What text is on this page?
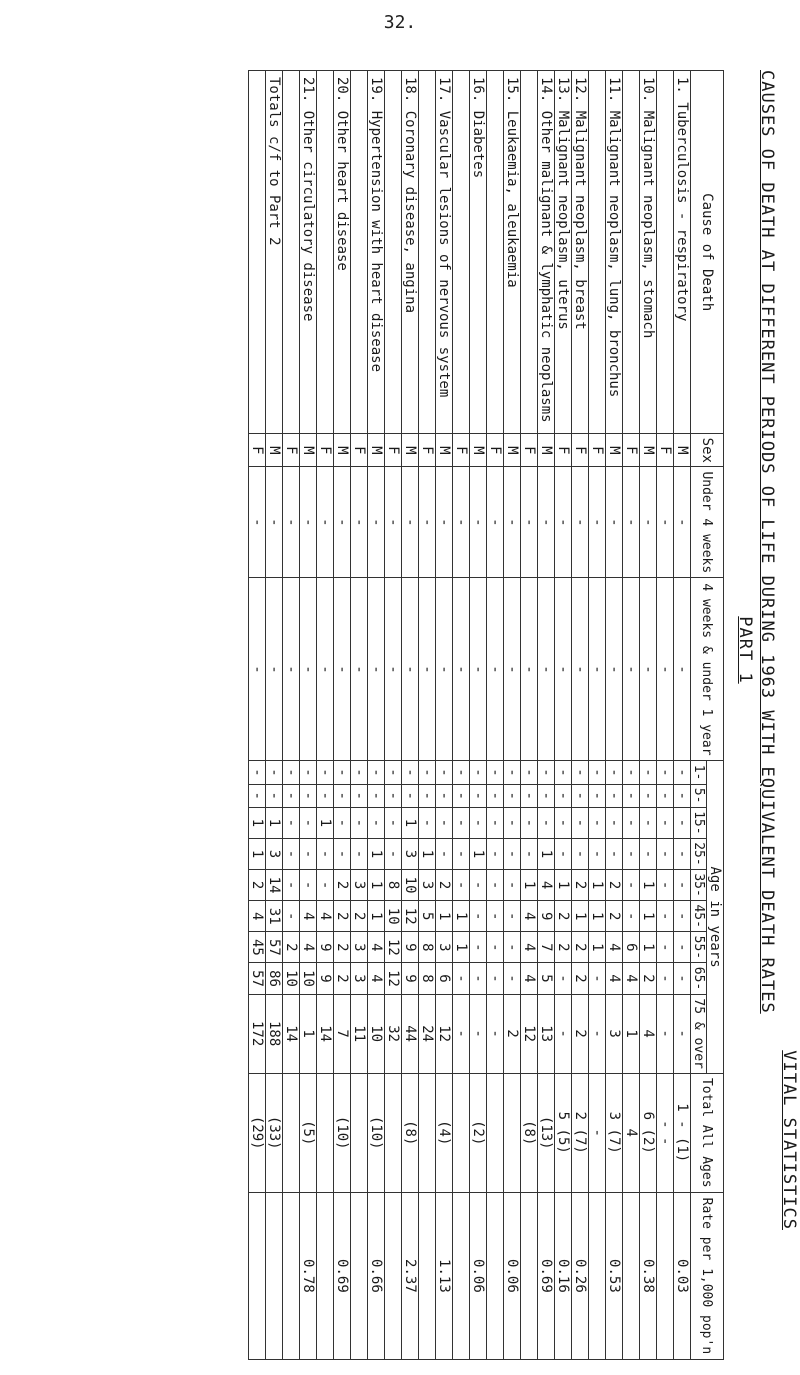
32.
VITAL STATISTICS
CAUSES OF DEATH AT DIFFERENT PERIODS OF LIFE DURING 1963 WITH EQUIVALENT DEATH RATES
PART 1
Cause of Death	Sex	Under 4 weeks	4 weeks & under 1 year	Age in years									Total All Ages	Rate per 1,000 pop'n
				1-	5-	15-	25-	35-	45-	55-	65-	75 & over		
1. Tuberculosis - respiratory	M	-	-	-	-	-	-	-	-	-	-	-	1 - (1)	0.03
	F	-	-	-	-	-	-	-	-	-	-	-	- -	
10. Malignant neoplasm, stomach	M	-	-	-	-	-	-	1	1	1	2	4	6 (2)	0.38
	F	-	-	-	-	-	-	-	-	6	4	1	4	
11. Malignant neoplasm, lung, bronchus	M	-	-	-	-	-	-	2	2	4	4	3	3 (7)	0.53
	F	-	-	-	-	-	-	1	1	1	-	-	-	
12. Malignant neoplasm, breast	F	-	-	-	-	-	-	2	1	2	2	2	2 (7)	0.26
13. Malignant neoplasm, uterus	F	-	-	-	-	-	-	1	2	2	-	-	5 (5)	0.16
14. Other malignant & lymphatic neoplasms	M	-	-	-	-	-	1	4	9	7	5	13	(13)	0.69
	F	-	-	-	-	-	-	1	4	4	4	12	(8)	
15. Leukaemia, aleukaemia	M	-	-	-	-	-	-	-	-	-	-	2		0.06
	F	-	-	-	-	-	-	-	-	-	-	-		
16. Diabetes	M	-	-	-	-	-	1	-	-	-	-	-	(2)	0.06
	F	-	-	-	-	-	-	-	1	1	-	-		
17. Vascular lesions of nervous system	M	-	-	-	-	-	-	2	1	3	6	12	(4)	1.13
	F	-	-	-	-	-	1	3	5	8	8	24		
18. Coronary disease, angina	M	-	-	-	-	1	3	10	12	9	9	44	(8)	2.37
	F	-	-	-	-	-	-	8	10	12	12	32		
19. Hypertension with heart disease	M	-	-	-	-	-	1	1	1	4	4	10	(10)	0.66
	F	-	-	-	-	-	-	3	2	3	3	11		
20. Other heart disease	M	-	-	-	-	-	-	2	2	2	2	7	(10)	0.69
	F	-	-	-	-	1	-	-	4	9	9	14		
21. Other circulatory disease	M	-	-	-	-	-	-	-	4	4	10	1	(5)	0.78
	F	-	-	-	-	-	-	-	-	2	10	14		
Totals c/f to Part 2	M	-	-	-	-	1	3	14	31	57	86	188	(33)	
	F	-	-	-	-	1	1	2	4	45	57	172	(29)	
